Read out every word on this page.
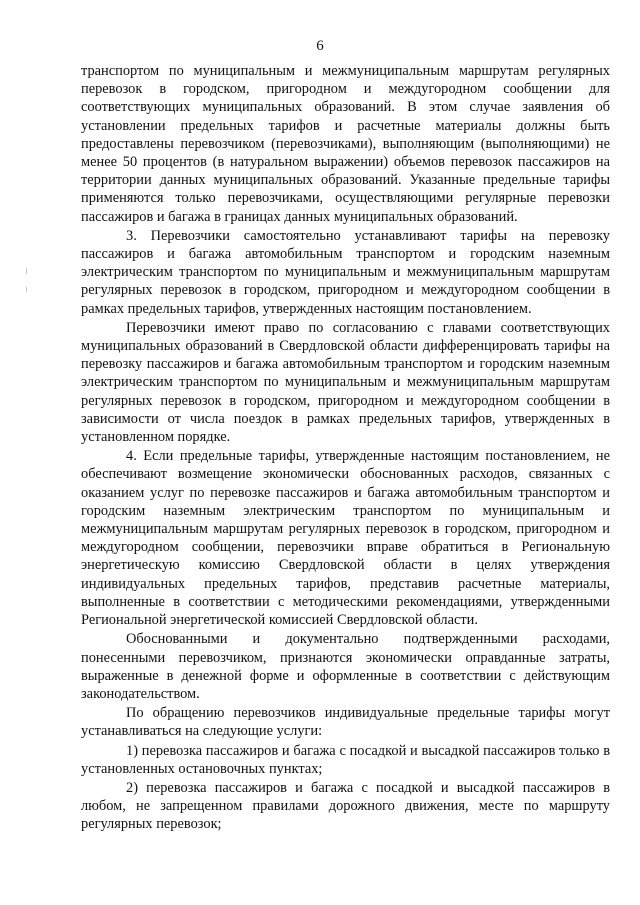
6

транспортом по муниципальным и межмуниципальным маршрутам регулярных перевозок в городском, пригородном и междугородном сообщении для соответствующих муниципальных образований. В этом случае заявления об установлении предельных тарифов и расчетные материалы должны быть предоставлены перевозчиком (перевозчиками), выполняющим (выполняющими) не менее 50 процентов (в натуральном выражении) объемов перевозок пассажиров на территории данных муниципальных образований. Указанные предельные тарифы применяются только перевозчиками, осуществляющими регулярные перевозки пассажиров и багажа в границах данных муниципальных образований.

3. Перевозчики самостоятельно устанавливают тарифы на перевозку пассажиров и багажа автомобильным транспортом и городским наземным электрическим транспортом по муниципальным и межмуниципальным маршрутам регулярных перевозок в городском, пригородном и междугородном сообщении в рамках предельных тарифов, утвержденных настоящим постановлением.

Перевозчики имеют право по согласованию с главами соответствующих муниципальных образований в Свердловской области дифференцировать тарифы на перевозку пассажиров и багажа автомобильным транспортом и городским наземным электрическим транспортом по муниципальным и межмуниципальным маршрутам регулярных перевозок в городском, пригородном и междугородном сообщении в зависимости от числа поездок в рамках предельных тарифов, утвержденных в установленном порядке.

4. Если предельные тарифы, утвержденные настоящим постановлением, не обеспечивают возмещение экономически обоснованных расходов, связанных с оказанием услуг по перевозке пассажиров и багажа автомобильным транспортом и городским наземным электрическим транспортом по муниципальным и межмуниципальным маршрутам регулярных перевозок в городском, пригородном и междугородном сообщении, перевозчики вправе обратиться в Региональную энергетическую комиссию Свердловской области в целях утверждения индивидуальных предельных тарифов, представив расчетные материалы, выполненные в соответствии с методическими рекомендациями, утвержденными Региональной энергетической комиссией Свердловской области.

Обоснованными и документально подтвержденными расходами, понесенными перевозчиком, признаются экономически оправданные затраты, выраженные в денежной форме и оформленные в соответствии с действующим законодательством.

По обращению перевозчиков индивидуальные предельные тарифы могут устанавливаться на следующие услуги:

1) перевозка пассажиров и багажа с посадкой и высадкой пассажиров только в установленных остановочных пунктах;

2) перевозка пассажиров и багажа с посадкой и высадкой пассажиров в любом, не запрещенном правилами дорожного движения, месте по маршруту регулярных перевозок;
